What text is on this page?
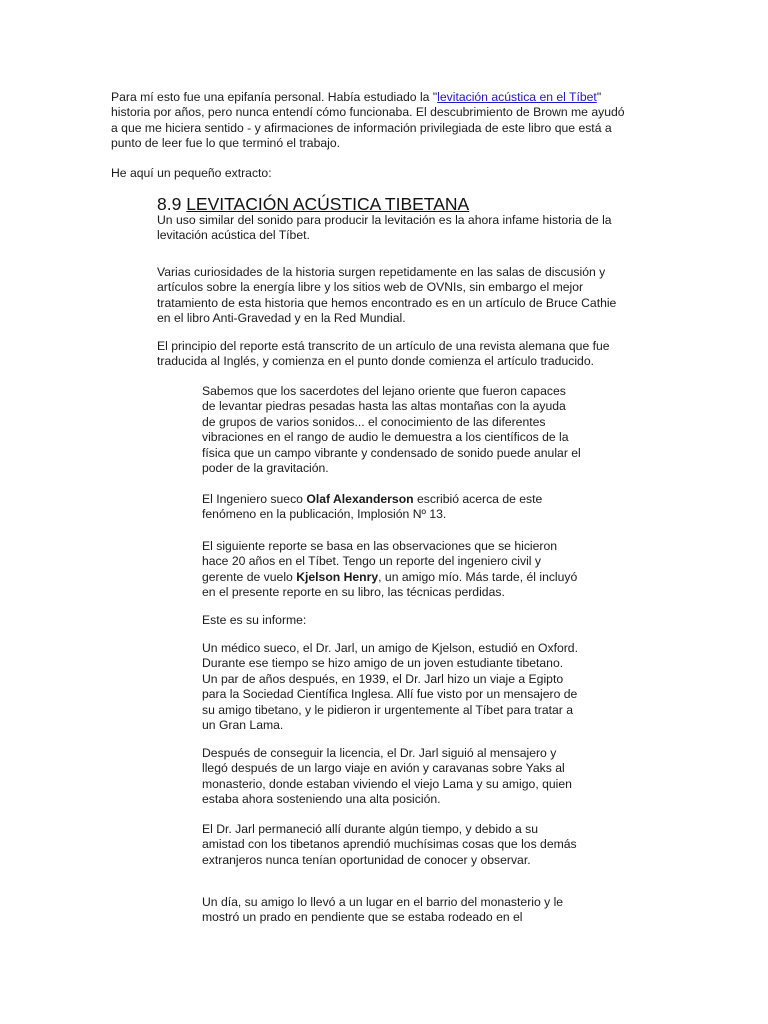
Para mí esto fue una epifanía personal. Había estudiado la "levitación acústica en el Tíbet" historia por años, pero nunca entendí cómo funcionaba. El descubrimiento de Brown me ayudó a que me hiciera sentido - y afirmaciones de información privilegiada de este libro que está a punto de leer fue lo que terminó el trabajo.

He aquí un pequeño extracto:

8.9 LEVITACIÓN ACÚSTICA TIBETANA

Un uso similar del sonido para producir la levitación es la ahora infame historia de la levitación acústica del Tíbet.

Varias curiosidades de la historia surgen repetidamente en las salas de discusión y artículos sobre la energía libre y los sitios web de OVNIs, sin embargo el mejor tratamiento de esta historia que hemos encontrado es en un artículo de Bruce Cathie en el libro Anti-Gravedad y en la Red Mundial.

El principio del reporte está transcrito de un artículo de una revista alemana que fue traducida al Inglés, y comienza en el punto donde comienza el artículo traducido.

Sabemos que los sacerdotes del lejano oriente que fueron capaces de levantar piedras pesadas hasta las altas montañas con la ayuda de grupos de varios sonidos... el conocimiento de las diferentes vibraciones en el rango de audio le demuestra a los científicos de la física que un campo vibrante y condensado de sonido puede anular el poder de la gravitación.

El Ingeniero sueco Olaf Alexanderson escribió acerca de este fenómeno en la publicación, Implosión Nº 13.

El siguiente reporte se basa en las observaciones que se hicieron hace 20 años en el Tíbet. Tengo un reporte del ingeniero civil y gerente de vuelo Kjelson Henry, un amigo mío. Más tarde, él incluyó en el presente reporte en su libro, las técnicas perdidas.

Este es su informe:

Un médico sueco, el Dr. Jarl, un amigo de Kjelson, estudió en Oxford. Durante ese tiempo se hizo amigo de un joven estudiante tibetano. Un par de años después, en 1939, el Dr. Jarl hizo un viaje a Egipto para la Sociedad Científica Inglesa. Allí fue visto por un mensajero de su amigo tibetano, y le pidieron ir urgentemente al Tíbet para tratar a un Gran Lama.

Después de conseguir la licencia, el Dr. Jarl siguió al mensajero y llegó después de un largo viaje en avión y caravanas sobre Yaks al monasterio, donde estaban viviendo el viejo Lama y su amigo, quien estaba ahora sosteniendo una alta posición.

El Dr. Jarl permaneció allí durante algún tiempo, y debido a su amistad con los tibetanos aprendió muchísimas cosas que los demás extranjeros nunca tenían oportunidad de conocer y observar.

Un día, su amigo lo llevó a un lugar en el barrio del monasterio y le mostró un prado en pendiente que se estaba rodeado en el
